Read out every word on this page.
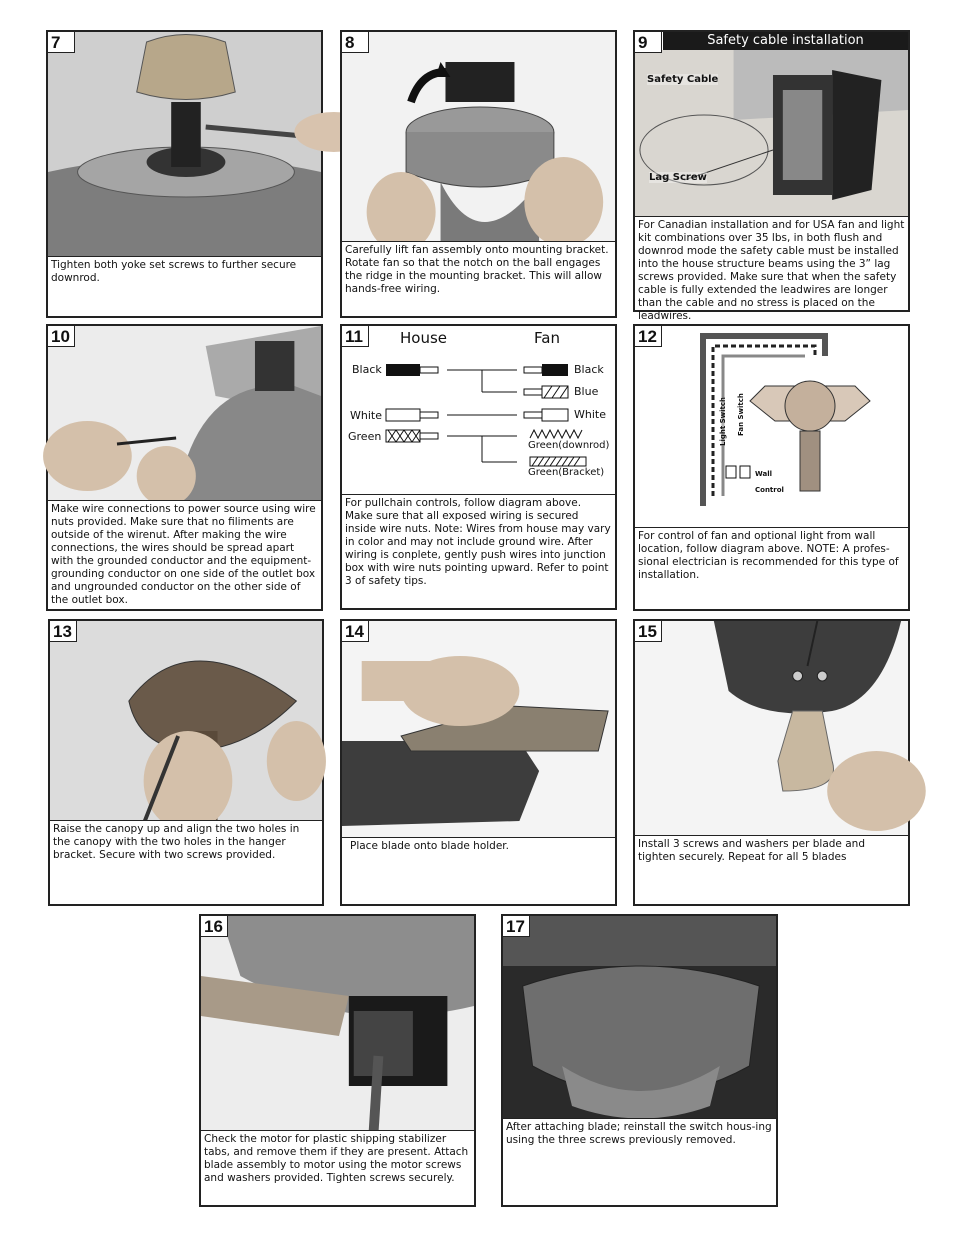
7
Tighten both yoke set screws to further secure downrod.
8
Carefully lift fan assembly onto mounting bracket. Rotate fan so that the notch on the ball engages the ridge in the mounting bracket. This will allow hands-free wiring.
9	Safety cable installation
Safety Cable
Lag Screw
For Canadian installation and for USA fan and light kit combinations over 35 lbs, in both flush and downrod mode the safety cable must be installed into the house structure beams using the 3” lag screws provided. Make sure that when the safety cable is fully extended the leadwires are longer than the cable and no stress is placed on the leadwires.
10
Make wire connections to power source using wire nuts provided. Make sure that no filiments are outside of the wirenut. After making the wire connections, the wires should be spread apart with the grounded conductor and the equipment-grounding conductor on one side of the outlet box and ungrounded conductor on the other side of the outlet box.
11	House	Fan
Black
White
Green
Black
Blue
White
Green(downrod)
Green(Bracket)
For pullchain controls, follow diagram above. Make sure that all exposed wiring is secured inside wire nuts. Note: Wires from house may vary in color and may not include ground wire. After wiring is conplete, gently push wires into junction box with wire nuts pointing upward. Refer to point 3 of safety tips.
12
Light Switch Fan Switch
Wall
Control
For control of fan and optional light from wall location, follow diagram above. NOTE: A profes-sional electrician is recommended for this type of installation.
13
Raise the canopy up and align the two holes in the canopy with the two holes in the hanger bracket. Secure with two screws provided.
14
Place blade onto blade holder.
15
Install 3 screws and washers per blade and tighten securely. Repeat for all 5 blades
16
Check the motor for plastic shipping stabilizer tabs, and remove them if they are present. Attach blade assembly to motor using the motor screws and washers provided. Tighten screws securely.
17
After attaching blade; reinstall the switch hous-ing using the three screws previously removed.
